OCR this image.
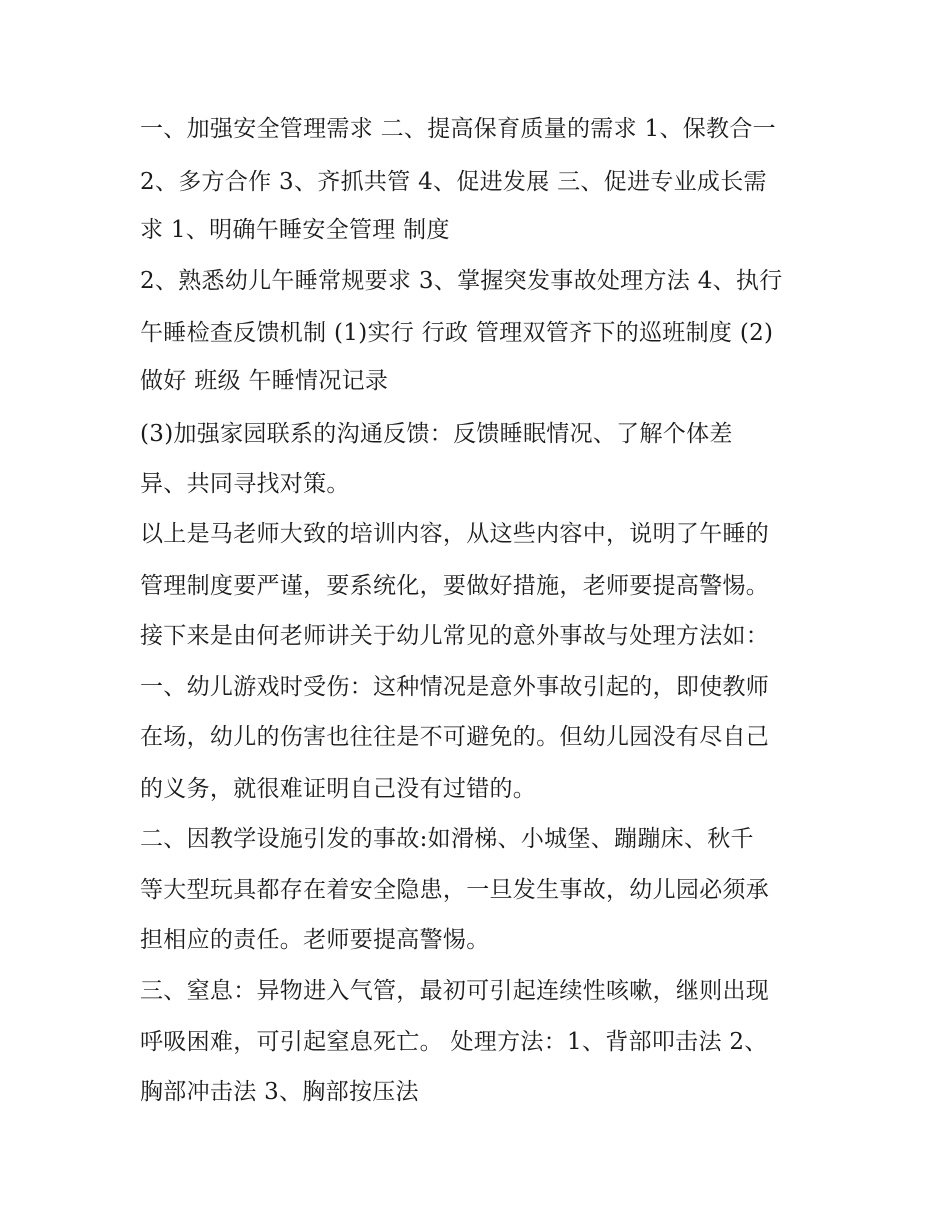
一、加强安全管理需求 二、提高保育质量的需求 1、保教合一
2、多方合作 3、齐抓共管 4、促进发展 三、促进专业成长需
求 1、明确午睡安全管理 制度
2、熟悉幼儿午睡常规要求 3、掌握突发事故处理方法 4、执行
午睡检查反馈机制 (1)实行 行政 管理双管齐下的巡班制度 (2)
做好 班级 午睡情况记录
(3)加强家园联系的沟通反馈：反馈睡眠情况、了解个体差
异、共同寻找对策。
以上是马老师大致的培训内容，从这些内容中，说明了午睡的
管理制度要严谨，要系统化，要做好措施，老师要提高警惕。
接下来是由何老师讲关于幼儿常见的意外事故与处理方法如：
一、幼儿游戏时受伤：这种情况是意外事故引起的，即使教师
在场，幼儿的伤害也往往是不可避免的。但幼儿园没有尽自己
的义务，就很难证明自己没有过错的。
二、因教学设施引发的事故:如滑梯、小城堡、蹦蹦床、秋千
等大型玩具都存在着安全隐患，一旦发生事故，幼儿园必须承
担相应的责任。老师要提高警惕。
三、窒息：异物进入气管，最初可引起连续性咳嗽，继则出现
呼吸困难，可引起窒息死亡。 处理方法：1、背部叩击法 2、
胸部冲击法 3、胸部按压法
